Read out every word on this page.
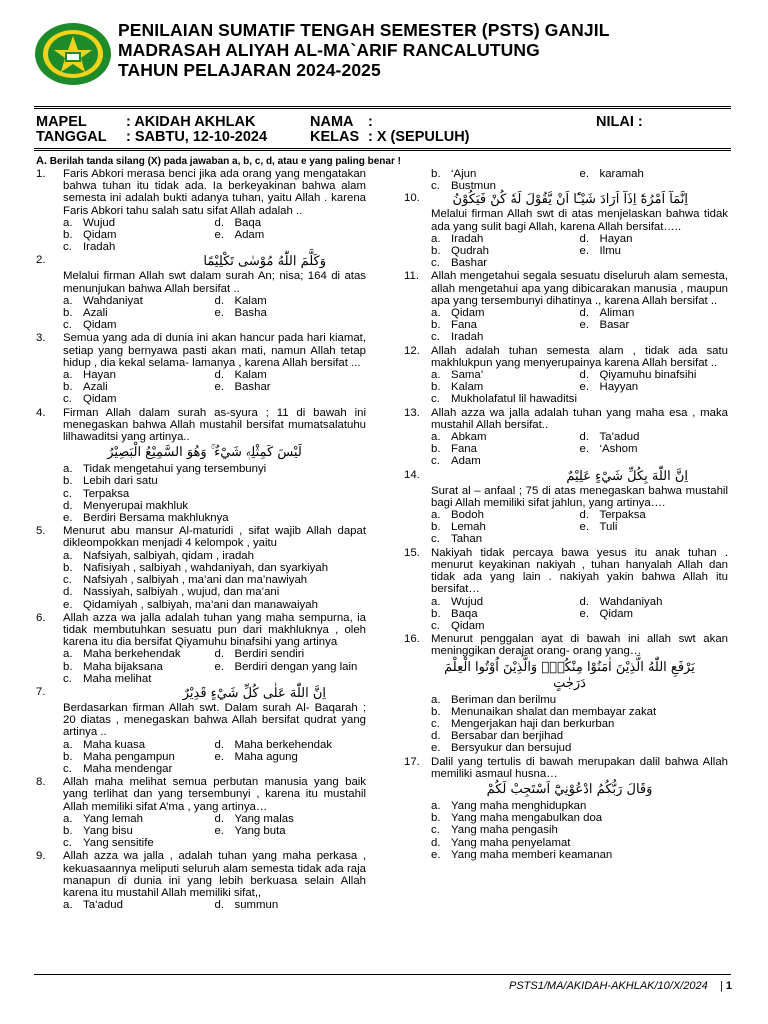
PENILAIAN SUMATIF TENGAH SEMESTER (PSTS) GANJIL
MADRASAH ALIYAH AL-MA`ARIF RANCALUTUNG
TAHUN PELAJARAN 2024-2025
MAPEL	: AKIDAH AKHLAK	NAMA :	NILAI :
TANGGAL : SABTU, 12-10-2024	KELAS : X (SEPULUH)
A. Berilah tanda silang (X) pada jawaban a, b, c, d, atau e yang paling benar !
1.	Faris Abkori merasa benci jika ada orang yang mengatakan bahwa tuhan itu tidak ada. Ia berkeyakinan bahwa alam semesta ini adalah bukti adanya tuhan, yaitu Allah . karena Faris Abkori tahu salah satu sifat Allah adalah ..
a. Wujud	d. Baqa
b. Qidam	e. Adam
c. Iradah
2.	وَكَلَّمَ اللّٰهُ مُوْسٰى تَكْلِيْمًا
Melalui firman Allah swt dalam surah An; nisa; 164 di atas menunjukan bahwa Allah bersifat ..
a. Wahdaniyat	d. Kalam
b. Azali	e. Basha
c. Qidam
3.	Semua yang ada di dunia ini akan hancur pada hari kiamat, setiap yang bernyawa pasti akan mati, namun Allah tetap hidup , dia kekal selama- lamanya , karena Allah bersifat ...
a. Hayan	d. Kalam
b. Azali	e. Bashar
c. Qidam
4.	Firman Allah dalam surah as-syura ; 11 di bawah ini menegaskan bahwa Allah mustahil bersifat mumatsalatuhu lilhawaditsi yang artinya..
لَيْسَ كَمِثْلِهٖ شَيْءٌ ۚ وَهُوَ السَّمِيْعُ الْبَصِيْرُ
a. Tidak mengetahui yang tersembunyi
b. Lebih dari satu
c. Terpaksa
d. Menyerupai makhluk
e. Berdiri Bersama makhluknya
5.	Menurut abu mansur Al-maturidi , sifat wajib Allah dapat dikleompokkan menjadi 4 kelompok , yaitu
a. Nafsiyah, salbiyah, qidam , iradah
b. Nafisiyah , salbiyah , wahdaniyah, dan syarkiyah
c. Nafsiyah , salbiyah , ma’ani dan ma’nawiyah
d. Nassiyah, salbiyah , wujud, dan ma’ani
e. Qidamiyah , salbiyah, ma’ani dan manawaiyah
6.	Allah azza wa jalla adalah tuhan yang maha sempurna, ia tidak membutuhkan sesuatu pun dari makhluknya , oleh karena itu dia bersifat Qiyamuhu binafsihi yang artinya
a. Maha berkehendak	d. Berdiri sendiri
b. Maha bijaksana	e. Berdiri dengan yang lain
c. Maha melihat
7.	اِنَّ اللّٰهَ عَلٰى كُلِّ شَيْءٍ قَدِيْرٌ
Berdasarkan firman Allah swt. Dalam surah Al- Baqarah ; 20 diatas , menegaskan bahwa Allah bersifat qudrat yang artinya ..
a. Maha kuasa	d. Maha berkehendak
b. Maha pengampun	e. Maha agung
c. Maha mendengar
8.	Allah maha melihat semua perbutan manusia yang baik yang terlihat dan yang tersembunyi , karena itu mustahil Allah memiliki sifat A’ma , yang artinya…
a. Yang lemah	d. Yang malas
b. Yang bisu	e. Yang buta
c. Yang sensitife
9.	Allah azza wa jalla , adalah tuhan yang maha perkasa , kekuasaannya meliputi seluruh alam semesta tidak ada raja manapun di dunia ini yang lebih berkuasa selain Allah karena itu mustahil Allah memiliki sifat,,
a. Ta’adud	d. summun
b. ‘Ajun	e. karamah
c. Bustmun
10.	اِنَّمَآ اَمْرُهٗٓ اِذَآ اَرَادَ شَيْـًٔا اَنْ يَّقُوْلَ لَهٗ كُنْ فَيَكُوْنُ
Melalui firman Allah swt di atas menjelaskan bahwa tidak ada yang sulit bagi Allah, karena Allah bersifat…..
a. Iradah	d. Hayan
b. Qudrah	e. Ilmu
c. Bashar
11.	Allah mengetahui segala sesuatu diseluruh alam semesta, allah mengetahui apa yang dibicarakan manusia , maupun apa yang tersembunyi dihatinya ., karena Allah bersifat ..
a. Qidam	d. Aliman
b. Fana	e. Basar
c. Iradah
12. Allah adalah tuhan semesta alam , tidak ada satu makhlukpun yang menyerupainya karena Allah bersifat ..
a. Sama’	d. Qiyamuhu binafsihi
b. Kalam	e. Hayyan
c. Mukholafatul lil hawaditsi
13. Allah azza wa jalla adalah tuhan yang maha esa , maka mustahil Allah bersifat..
a. Abkam	d. Ta’adud
b. Fana	e. ‘Ashom
c. Adam
14.	اِنَّ اللّٰهَ بِكُلِّ شَيْءٍ عَلِيْمٌ
Surat al – anfaal ; 75 di atas menegaskan bahwa mustahil bagi Allah memiliki sifat jahlun, yang artinya….
a. Bodoh	d. Terpaksa
b. Lemah	e. Tuli
c. Tahan
15. Nakiyah tidak percaya bawa yesus itu anak tuhan . menurut keyakinan nakiyah , tuhan hanyalah Allah dan tidak ada yang lain . nakiyah yakin bahwa Allah itu bersifat…
a. Wujud	d. Wahdaniyah
b. Baqa	e. Qidam
c. Qidam
16. Menurut penggalan ayat di bawah ini allah swt akan meninggikan derajat orang- orang yang…
يَرْفَعِ اللّٰهُ الَّذِيْنَ اٰمَنُوْا مِنْكُمْۙ وَالَّذِيْنَ اُوْتُوا الْعِلْمَ دَرَجٰتٍ
a. Beriman dan berilmu
b. Menunaikan shalat dan membayar zakat
c. Mengerjakan haji dan berkurban
d. Bersabar dan berjihad
e. Bersyukur dan bersujud
17. Dalil yang tertulis di bawah merupakan dalil bahwa Allah memiliki asmaul husna…
وَقَالَ رَبُّكُمُ ادْعُوْنِيْٓ اَسْتَجِبْ لَكُمْ
a. Yang maha menghidupkan
b. Yang maha mengabulkan doa
c. Yang maha pengasih
d. Yang maha penyelamat
e. Yang maha memberi keamanan
PSTS1/MA/AKIDAH-AKHLAK/10/X/2024 | 1
